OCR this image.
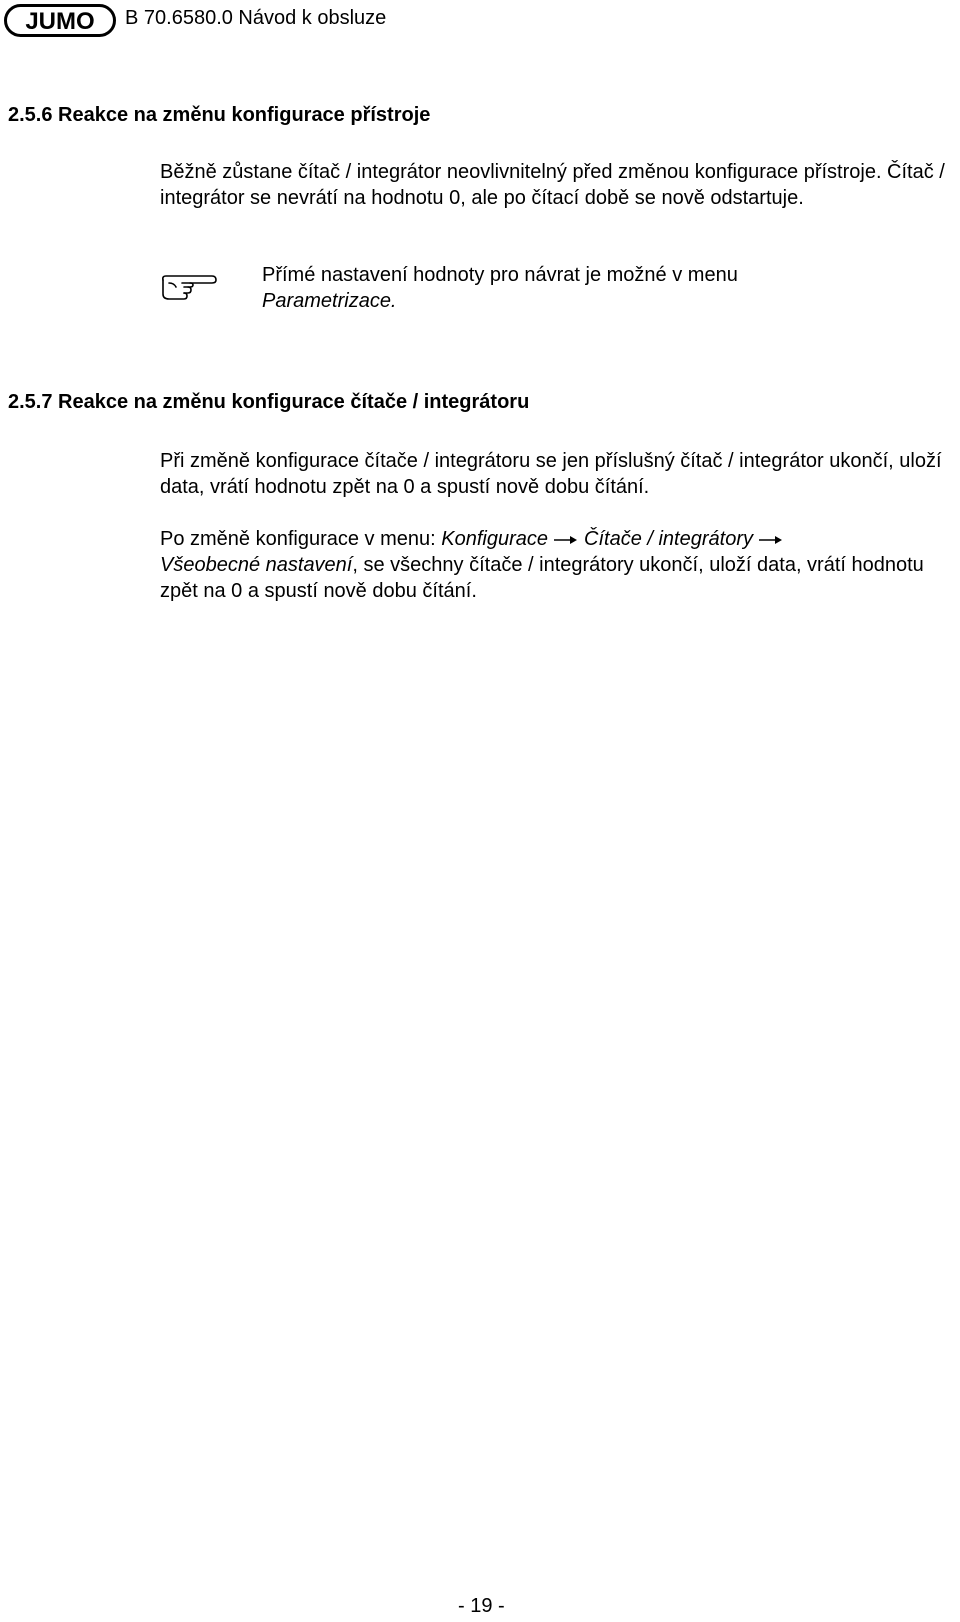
JUMO B 70.6580.0 Návod k obsluze
2.5.6 Reakce na změnu konfigurace přístroje
Běžně zůstane čítač / integrátor neovlivnitelný před změnou konfigurace přístroje. Čítač / integrátor se nevrátí na hodnotu 0, ale po čítací době se nově odstartuje.
Přímé nastavení hodnoty pro návrat je možné v menu
Parametrizace.
2.5.7 Reakce na změnu konfigurace čítače / integrátoru
Při změně konfigurace čítače / integrátoru se jen příslušný čítač / integrátor ukončí, uloží data, vrátí hodnotu zpět na 0 a spustí nově dobu čítání.
Po změně konfigurace v menu: Konfigurace Čítače / integrátory
Všeobecné nastavení, se všechny čítače / integrátory ukončí, uloží data, vrátí hodnotu zpět na 0 a spustí nově dobu čítání.
- 19 -
